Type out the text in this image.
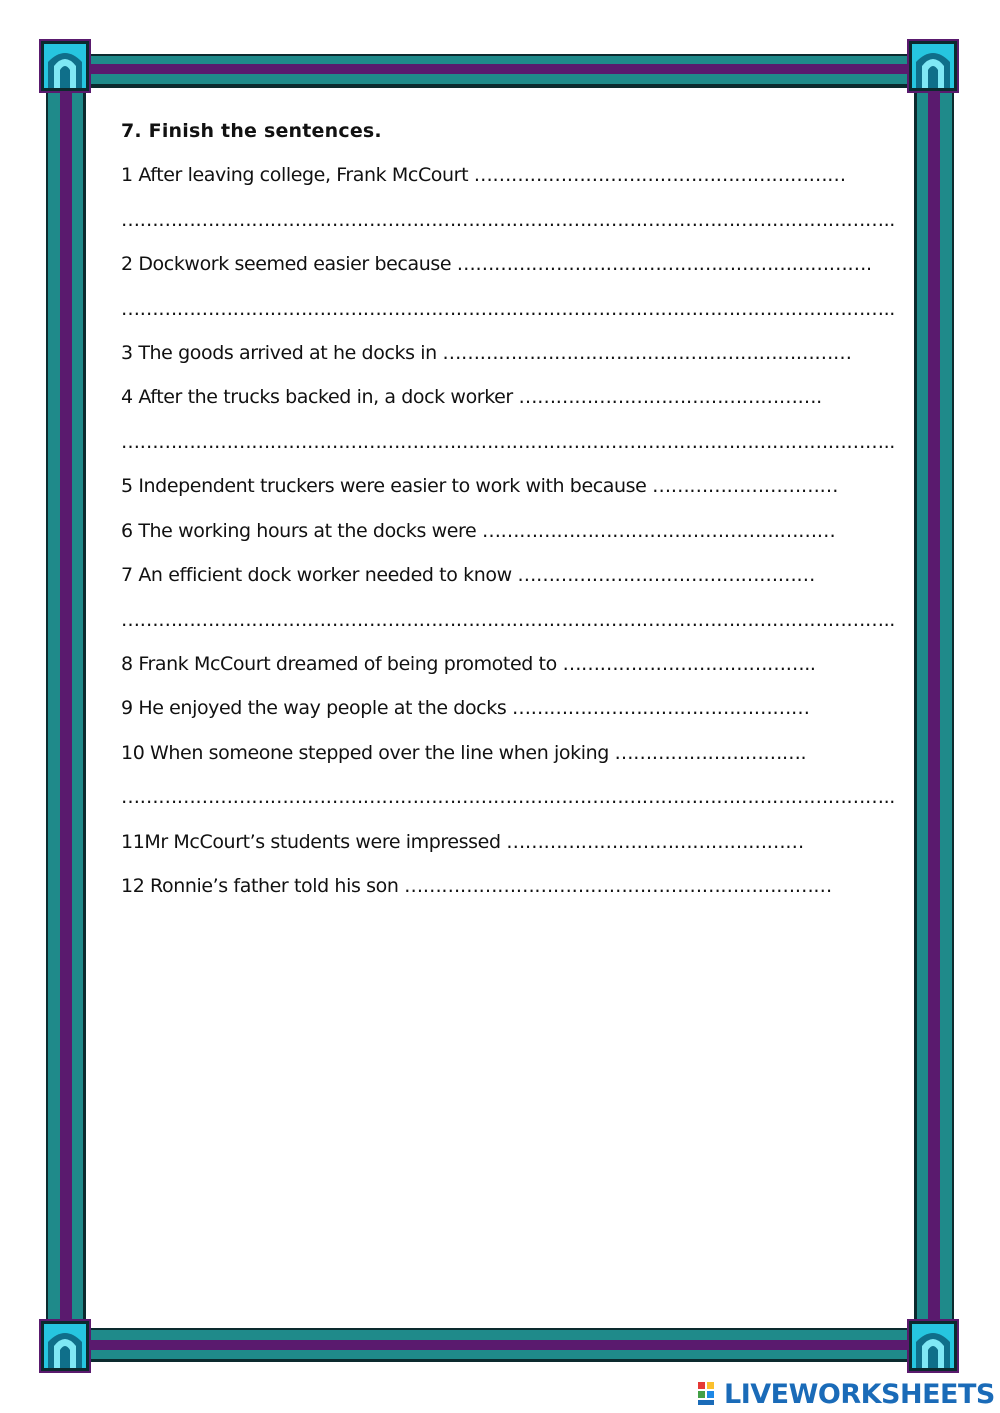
7. Finish the sentences.
1 After leaving college, Frank McCourt ……………………………………………………
……………………………………………………………………………………………………………..
2 Dockwork seemed easier because ………………………………………………………….
……………………………………………………………………………………………………………..
3 The goods arrived at he docks in …………………………………………………………
4 After the trucks backed in, a dock worker ………………………………………….
……………………………………………………………………………………………………………..
5 Independent truckers were easier to work with because …………………………
6 The working hours at the docks were …………………………………………………
7 An efficient dock worker needed to know …………………………………………
……………………………………………………………………………………………………………..
8 Frank McCourt dreamed of being promoted to …………………………………..
9 He enjoyed the way people at the docks …………………………………………
10 When someone stepped over the line when joking ………………………….
……………………………………………………………………………………………………………..
11Mr McCourt’s students were impressed …………………………………………
12 Ronnie’s father told his son ……………………………………………………………
LIVEWORKSHEETS
